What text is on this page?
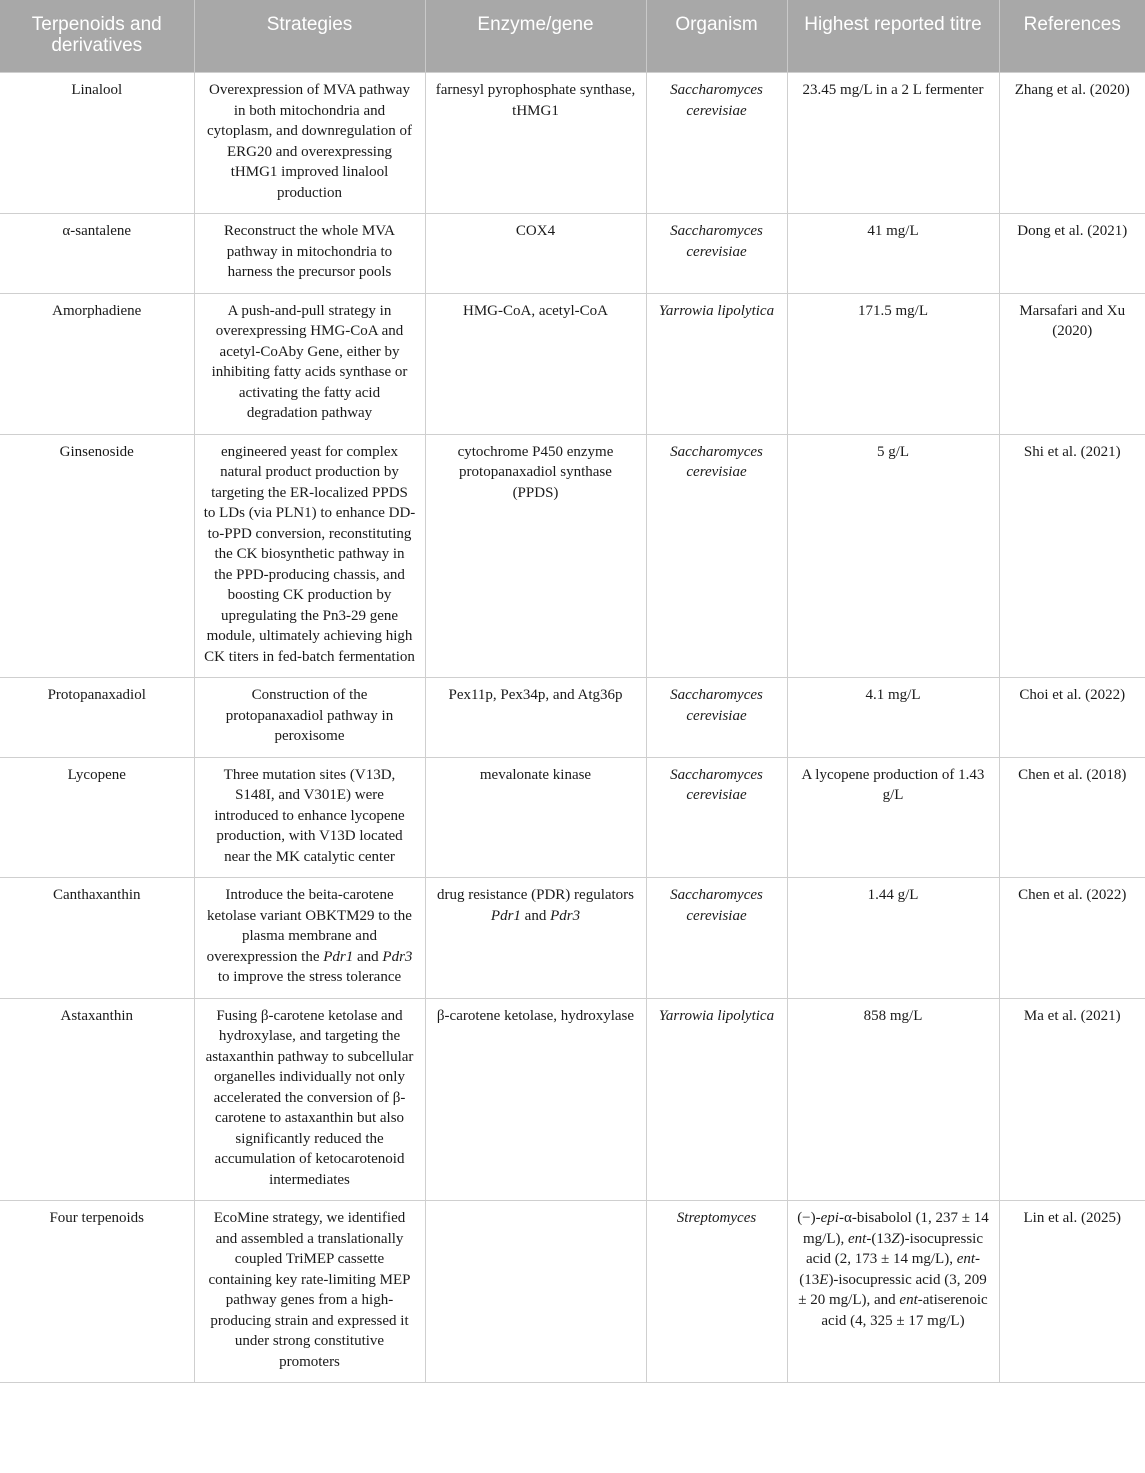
Terpenoids and derivatives	Strategies	Enzyme/gene	Organism	Highest reported titre	References
Linalool	Overexpression of MVA pathway in both mitochondria and cytoplasm, and downregulation of ERG20 and overexpressing tHMG1 improved linalool production	farnesyl pyrophosphate synthase, tHMG1	Saccharomyces cerevisiae	23.45 mg/L in a 2 L fermenter	Zhang et al. (2020)
α-santalene	Reconstruct the whole MVA pathway in mitochondria to harness the precursor pools	COX4	Saccharomyces cerevisiae	41 mg/L	Dong et al. (2021)
Amorphadiene	A push-and-pull strategy in overexpressing HMG-CoA and acetyl-CoAby Gene, either by inhibiting fatty acids synthase or activating the fatty acid degradation pathway	HMG-CoA, acetyl-CoA	Yarrowia lipolytica	171.5 mg/L	Marsafari and Xu (2020)
Ginsenoside	engineered yeast for complex natural product production by targeting the ER-localized PPDS to LDs (via PLN1) to enhance DD-to-PPD conversion, reconstituting the CK biosynthetic pathway in the PPD-producing chassis, and boosting CK production by upregulating the Pn3-29 gene module, ultimately achieving high CK titers in fed-batch fermentation	cytochrome P450 enzyme protopanaxadiol synthase (PPDS)	Saccharomyces cerevisiae	5 g/L	Shi et al. (2021)
Protopanaxadiol	Construction of the protopanaxadiol pathway in peroxisome	Pex11p, Pex34p, and Atg36p	Saccharomyces cerevisiae	4.1 mg/L	Choi et al. (2022)
Lycopene	Three mutation sites (V13D, S148I, and V301E) were introduced to enhance lycopene production, with V13D located near the MK catalytic center	mevalonate kinase	Saccharomyces cerevisiae	A lycopene production of 1.43 g/L	Chen et al. (2018)
Canthaxanthin	Introduce the beita-carotene ketolase variant OBKTM29 to the plasma membrane and overexpression the Pdr1 and Pdr3 to improve the stress tolerance	drug resistance (PDR) regulators Pdr1 and Pdr3	Saccharomyces cerevisiae	1.44 g/L	Chen et al. (2022)
Astaxanthin	Fusing β-carotene ketolase and hydroxylase, and targeting the astaxanthin pathway to subcellular organelles individually not only accelerated the conversion of β-carotene to astaxanthin but also significantly reduced the accumulation of ketocarotenoid intermediates	β-carotene ketolase, hydroxylase	Yarrowia lipolytica	858 mg/L	Ma et al. (2021)
Four terpenoids	EcoMine strategy, we identified and assembled a translationally coupled TriMEP cassette containing key rate-limiting MEP pathway genes from a high-producing strain and expressed it under strong constitutive promoters		Streptomyces	(−)-epi-α-bisabolol (1, 237 ± 14 mg/L), ent-(13Z)-isocupressic acid (2, 173 ± 14 mg/L), ent-(13E)-isocupressic acid (3, 209 ± 20 mg/L), and ent-atiserenoic acid (4, 325 ± 17 mg/L)	Lin et al. (2025)
